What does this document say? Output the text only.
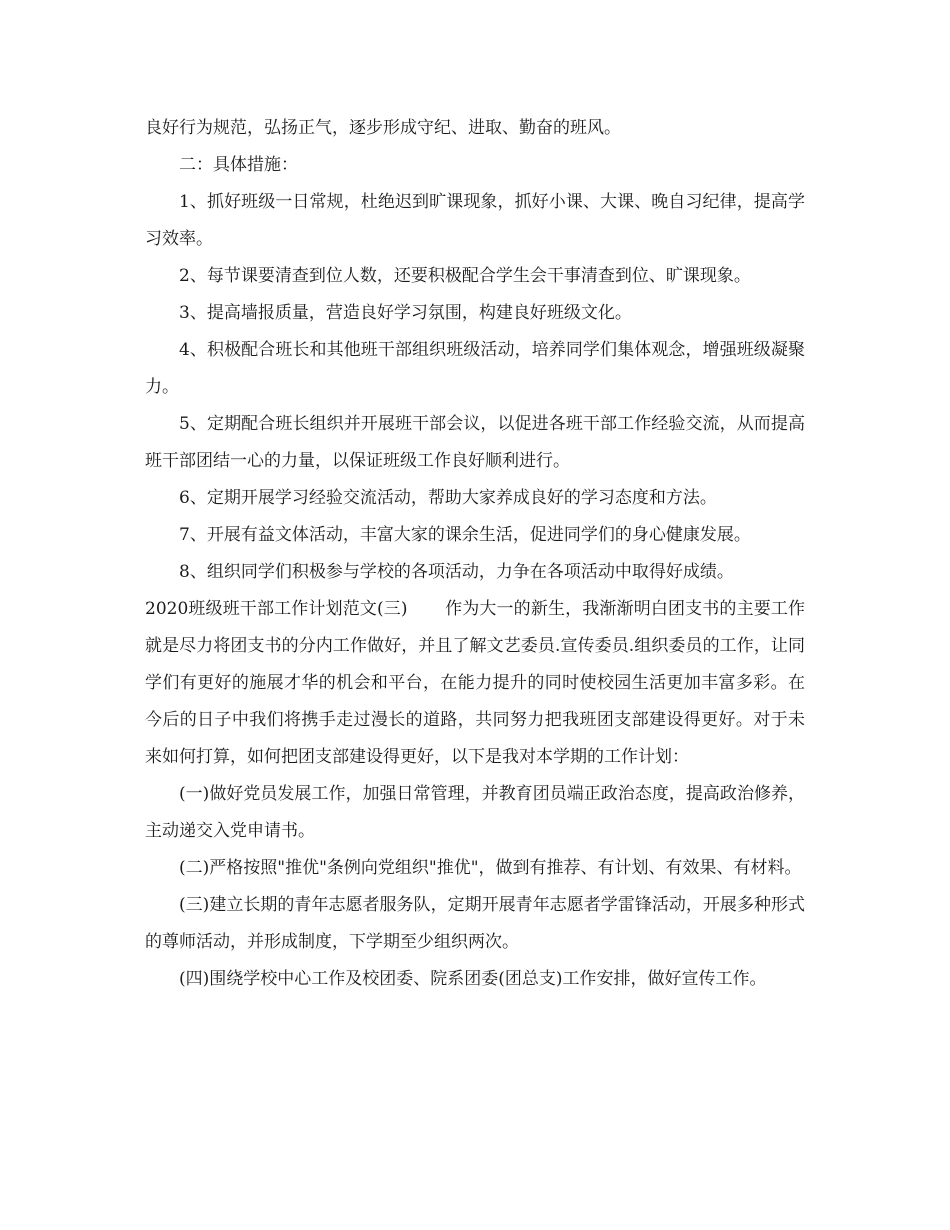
良好行为规范，弘扬正气，逐步形成守纪、进取、勤奋的班风。

二：具体措施：

1、抓好班级一日常规，杜绝迟到旷课现象，抓好小课、大课、晚自习纪律，提高学习效率。

2、每节课要清查到位人数，还要积极配合学生会干事清查到位、旷课现象。

3、提高墙报质量，营造良好学习氛围，构建良好班级文化。

4、积极配合班长和其他班干部组织班级活动，培养同学们集体观念，增强班级凝聚力。

5、定期配合班长组织并开展班干部会议，以促进各班干部工作经验交流，从而提高班干部团结一心的力量，以保证班级工作良好顺利进行。

6、定期开展学习经验交流活动，帮助大家养成良好的学习态度和方法。

7、开展有益文体活动，丰富大家的课余生活，促进同学们的身心健康发展。

8、组织同学们积极参与学校的各项活动，力争在各项活动中取得好成绩。

2020班级班干部工作计划范文(三) 作为大一的新生，我渐渐明白团支书的主要工作就是尽力将团支书的分内工作做好，并且了解文艺委员.宣传委员.组织委员的工作，让同学们有更好的施展才华的机会和平台，在能力提升的同时使校园生活更加丰富多彩。在今后的日子中我们将携手走过漫长的道路，共同努力把我班团支部建设得更好。对于未来如何打算，如何把团支部建设得更好，以下是我对本学期的工作计划：

(一)做好党员发展工作，加强日常管理，并教育团员端正政治态度，提高政治修养，主动递交入党申请书。

(二)严格按照"推优"条例向党组织"推优"，做到有推荐、有计划、有效果、有材料。

(三)建立长期的青年志愿者服务队，定期开展青年志愿者学雷锋活动，开展多种形式的尊师活动，并形成制度，下学期至少组织两次。

(四)围绕学校中心工作及校团委、院系团委(团总支)工作安排，做好宣传工作。
